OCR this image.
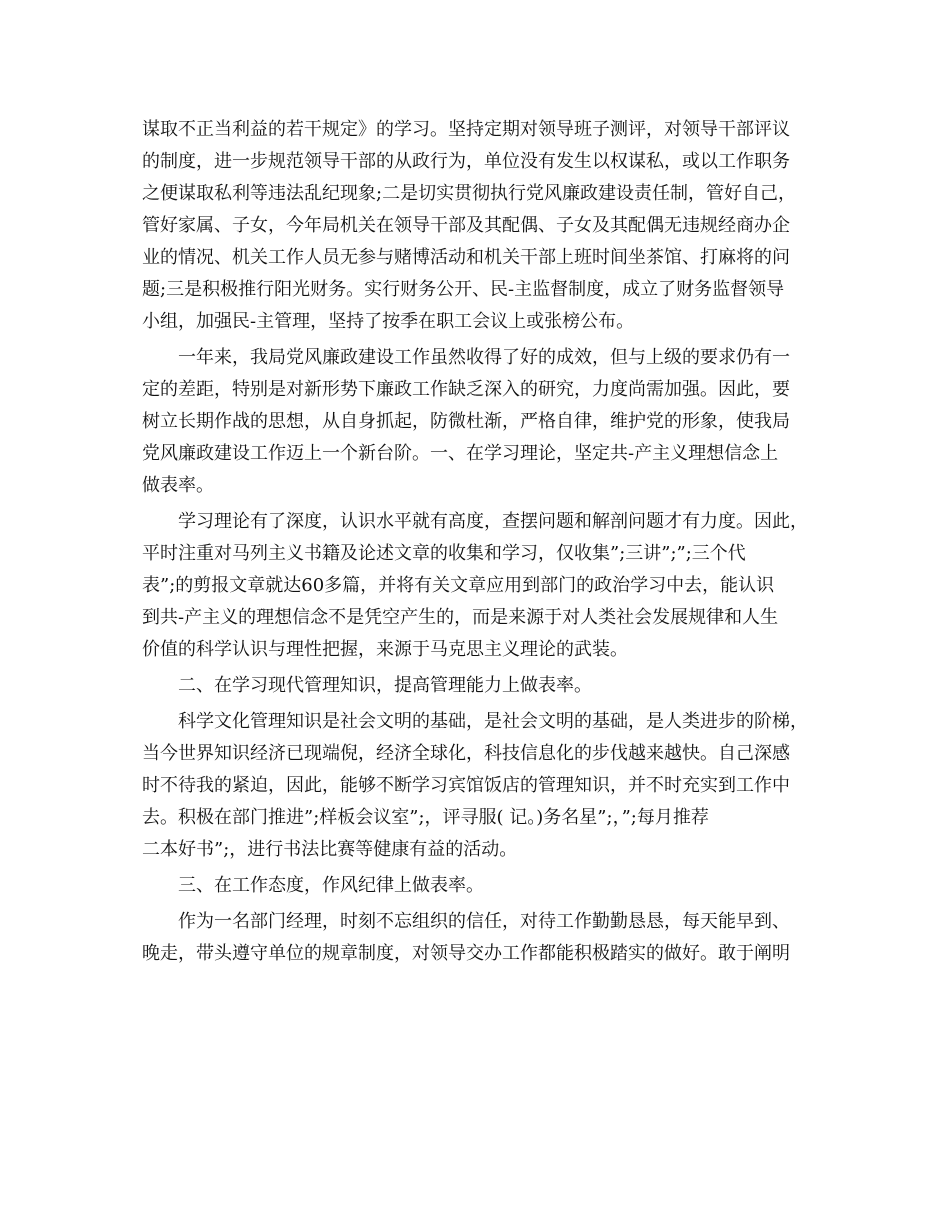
谋取不正当利益的若干规定》的学习。坚持定期对领导班子测评，对领导干部评议
的制度，进一步规范领导干部的从政行为，单位没有发生以权谋私，或以工作职务
之便谋取私利等违法乱纪现象;二是切实贯彻执行党风廉政建设责任制，管好自己，
管好家属、子女，今年局机关在领导干部及其配偶、子女及其配偶无违规经商办企
业的情况、机关工作人员无参与赌博活动和机关干部上班时间坐茶馆、打麻将的问
题;三是积极推行阳光财务。实行财务公开、民-主监督制度，成立了财务监督领导
小组，加强民-主管理，坚持了按季在职工会议上或张榜公布。
一年来，我局党风廉政建设工作虽然收得了好的成效，但与上级的要求仍有一
定的差距，特别是对新形势下廉政工作缺乏深入的研究，力度尚需加强。因此，要
树立长期作战的思想，从自身抓起，防微杜渐，严格自律，维护党的形象，使我局
党风廉政建设工作迈上一个新台阶。一、在学习理论，坚定共-产主义理想信念上
做表率。
学习理论有了深度，认识水平就有高度，查摆问题和解剖问题才有力度。因此，
平时注重对马列主义书籍及论述文章的收集和学习，仅收集”;三讲”;”;三个代
表”;的剪报文章就达60多篇，并将有关文章应用到部门的政治学习中去，能认识
到共-产主义的理想信念不是凭空产生的，而是来源于对人类社会发展规律和人生
价值的科学认识与理性把握，来源于马克思主义理论的武装。
二、在学习现代管理知识，提高管理能力上做表率。
科学文化管理知识是社会文明的基础，是社会文明的基础，是人类进步的阶梯，
当今世界知识经济已现端倪，经济全球化，科技信息化的步伐越来越快。自己深感
时不待我的紧迫，因此，能够不断学习宾馆饭店的管理知识，并不时充实到工作中
去。积极在部门推进”;样板会议室”;，评寻服( 记。)务名星”;，”;每月推荐
二本好书”;，进行书法比赛等健康有益的活动。
三、在工作态度，作风纪律上做表率。
作为一名部门经理，时刻不忘组织的信任，对待工作勤勤恳恳，每天能早到、
晚走，带头遵守单位的规章制度，对领导交办工作都能积极踏实的做好。敢于阐明
